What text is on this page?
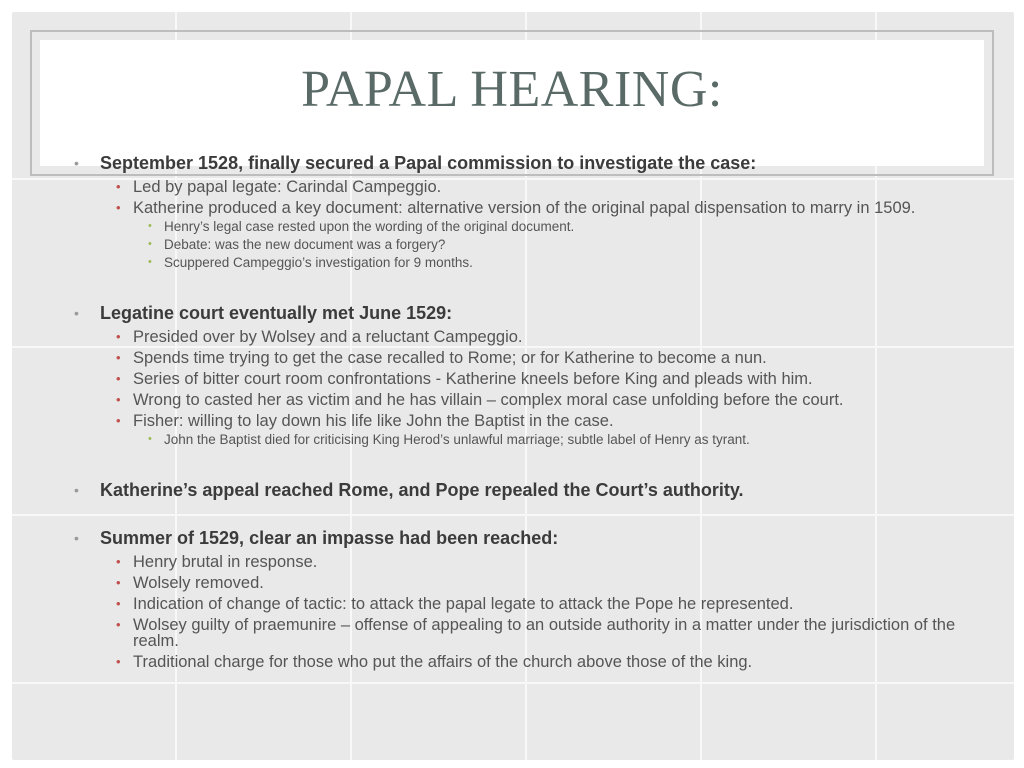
PAPAL HEARING:
• September 1528, finally secured a Papal commission to investigate the case:
• Led by papal legate: Carindal Campeggio.
• Katherine produced a key document: alternative version of the original papal dispensation to marry in 1509.
• Henry’s legal case rested upon the wording of the original document.
• Debate: was the new document was a forgery?
• Scuppered Campeggio’s investigation for 9 months.
• Legatine court eventually met June 1529:
• Presided over by Wolsey and a reluctant Campeggio.
• Spends time trying to get the case recalled to Rome; or for Katherine to become a nun.
• Series of bitter court room confrontations - Katherine kneels before King and pleads with him.
• Wrong to casted her as victim and he has villain – complex moral case unfolding before the court.
• Fisher: willing to lay down his life like John the Baptist in the case.
• John the Baptist died for criticising King Herod’s unlawful marriage; subtle label of Henry as tyrant.
• Katherine’s appeal reached Rome, and Pope repealed the Court’s authority.
• Summer of 1529, clear an impasse had been reached:
• Henry brutal in response.
• Wolsely removed.
• Indication of change of tactic: to attack the papal legate to attack the Pope he represented.
• Wolsey guilty of praemunire – offense of appealing to an outside authority in a matter under the jurisdiction of the realm.
• Traditional charge for those who put the affairs of the church above those of the king.
